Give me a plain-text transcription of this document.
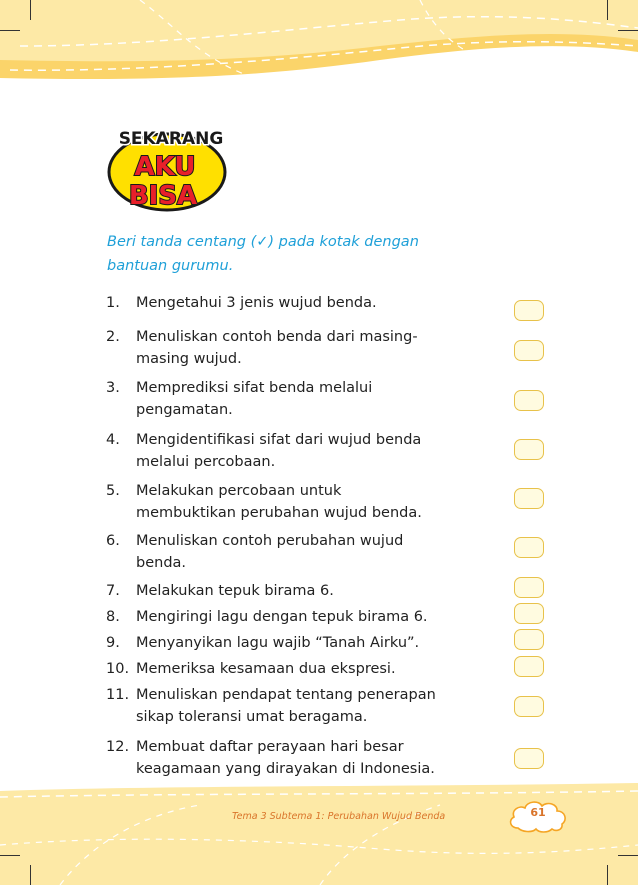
SEKARANG
AKU
BISA
Beri tanda centang (✓) pada kotak dengan
bantuan gurumu.
1.	Mengetahui 3 jenis wujud benda.
2.	Menuliskan contoh benda dari masing-
masing wujud.
3.	Memprediksi sifat benda melalui
pengamatan.
4.	Mengidentifikasi sifat dari wujud benda
melalui percobaan.
5.	Melakukan percobaan untuk
membuktikan perubahan wujud benda.
6.	Menuliskan contoh perubahan wujud
benda.
7.	Melakukan tepuk birama 6.
8.	Mengiringi lagu dengan tepuk birama 6.
9.	Menyanyikan lagu wajib “Tanah Airku”.
10. Memeriksa kesamaan dua ekspresi.
11. Menuliskan pendapat tentang penerapan
sikap toleransi umat beragama.
12. Membuat daftar perayaan hari besar
keagamaan yang dirayakan di Indonesia.
Tema 3 Subtema 1: Perubahan Wujud Benda	61
